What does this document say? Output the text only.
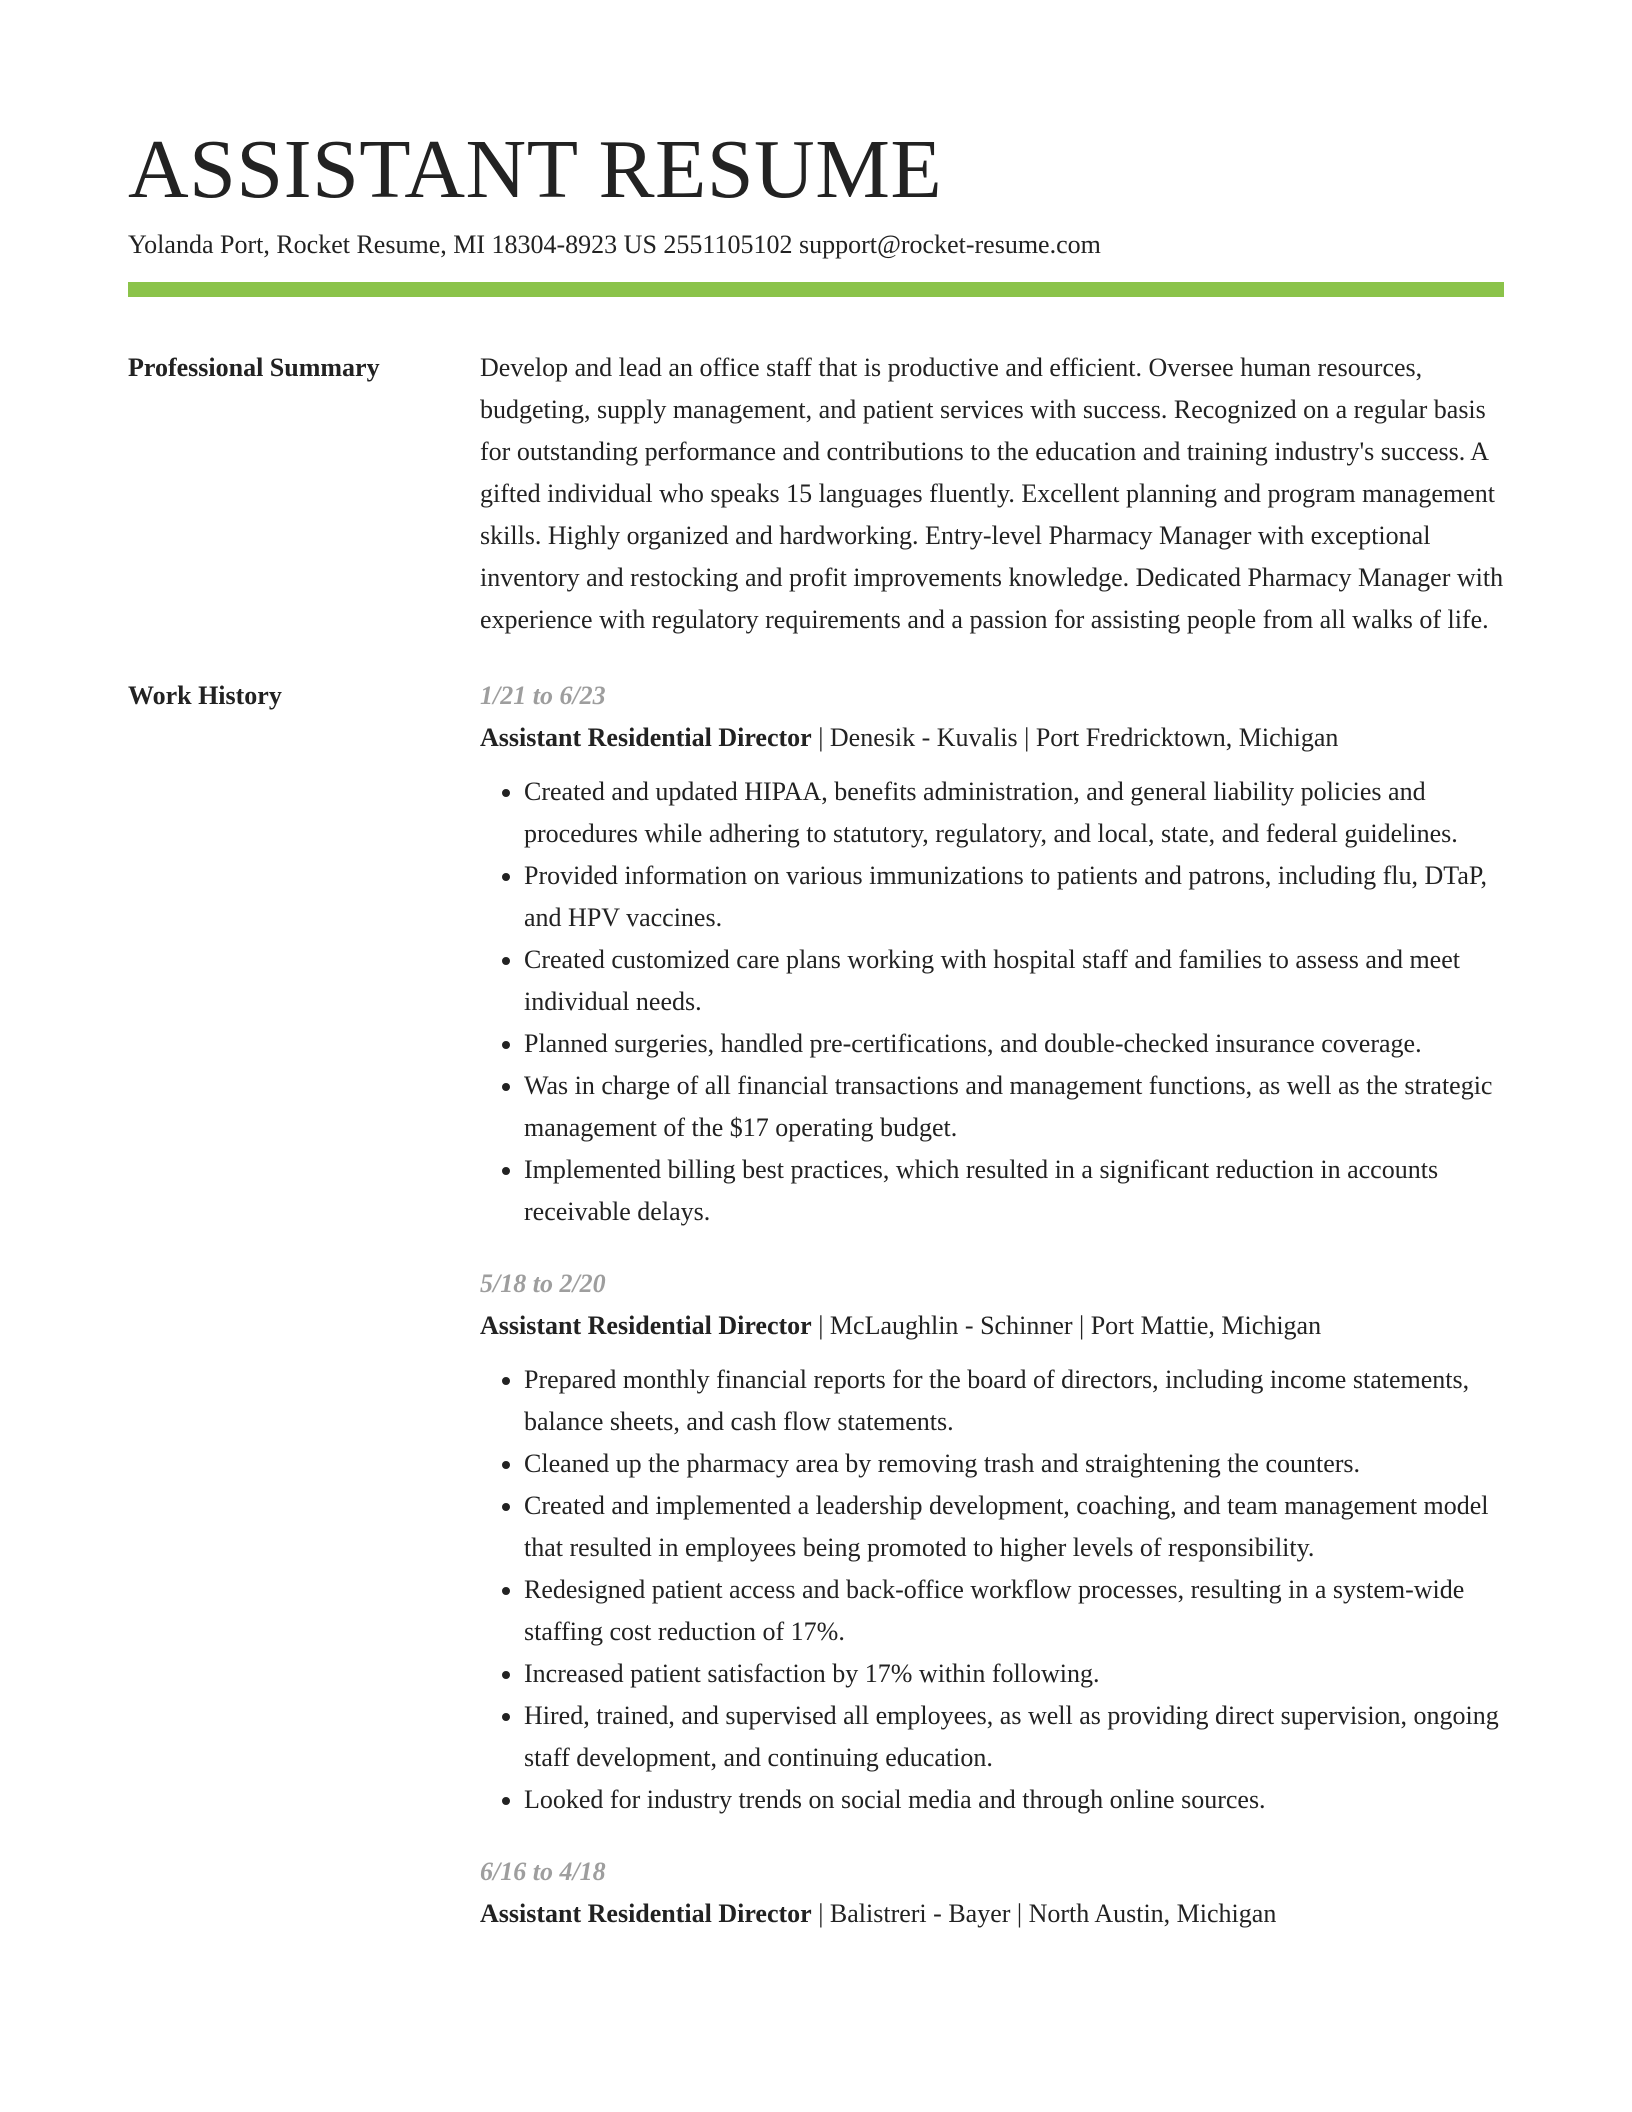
ASSISTANT RESUME
Yolanda Port, Rocket Resume, MI 18304-8923 US 2551105102 support@rocket-resume.com
Professional Summary	Develop and lead an office staff that is productive and efficient. Oversee human resources, budgeting, supply management, and patient services with success. Recognized on a regular basis for outstanding performance and contributions to the education and training industry's success. A gifted individual who speaks 15 languages fluently. Excellent planning and program management skills. Highly organized and hardworking. Entry-level Pharmacy Manager with exceptional inventory and restocking and profit improvements knowledge. Dedicated Pharmacy Manager with experience with regulatory requirements and a passion for assisting people from all walks of life.

Work History	1/21 to 6/23
Assistant Residential Director | Denesik - Kuvalis | Port Fredricktown, Michigan
• Created and updated HIPAA, benefits administration, and general liability policies and procedures while adhering to statutory, regulatory, and local, state, and federal guidelines.
• Provided information on various immunizations to patients and patrons, including flu, DTaP, and HPV vaccines.
• Created customized care plans working with hospital staff and families to assess and meet individual needs.
• Planned surgeries, handled pre-certifications, and double-checked insurance coverage.
• Was in charge of all financial transactions and management functions, as well as the strategic management of the $17 operating budget.
• Implemented billing best practices, which resulted in a significant reduction in accounts receivable delays.
5/18 to 2/20
Assistant Residential Director | McLaughlin - Schinner | Port Mattie, Michigan
• Prepared monthly financial reports for the board of directors, including income statements, balance sheets, and cash flow statements.
• Cleaned up the pharmacy area by removing trash and straightening the counters.
• Created and implemented a leadership development, coaching, and team management model that resulted in employees being promoted to higher levels of responsibility.
• Redesigned patient access and back-office workflow processes, resulting in a system-wide staffing cost reduction of 17%.
• Increased patient satisfaction by 17% within following.
• Hired, trained, and supervised all employees, as well as providing direct supervision, ongoing staff development, and continuing education.
• Looked for industry trends on social media and through online sources.
6/16 to 4/18
Assistant Residential Director | Balistreri - Bayer | North Austin, Michigan
